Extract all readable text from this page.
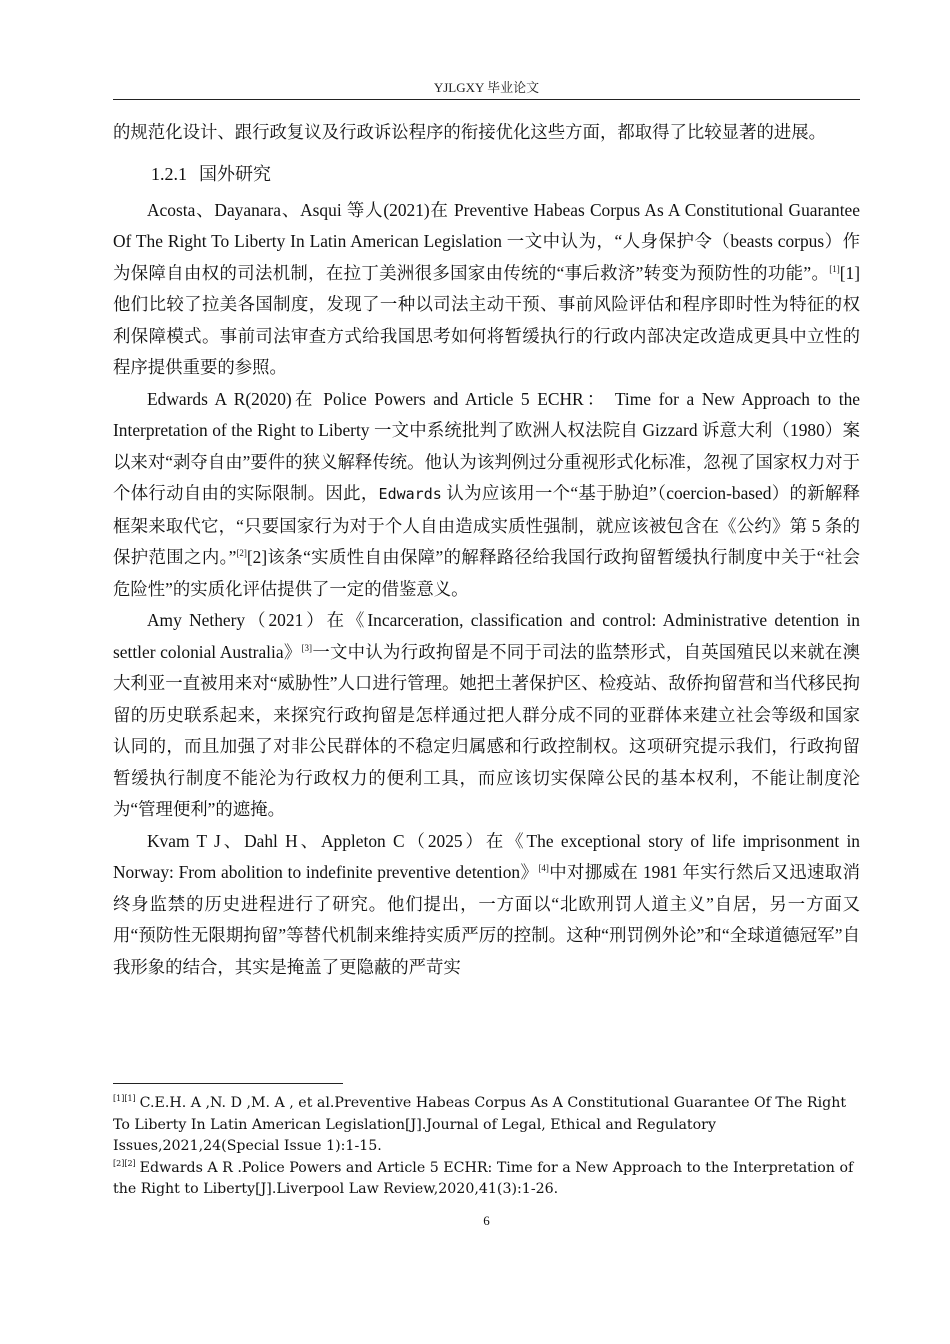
YJLGXY 毕业论文

的规范化设计、跟行政复议及行政诉讼程序的衔接优化这些方面，都取得了比较显著的进展。

1.2.1 国外研究

Acosta、Dayanara、Asqui 等人(2021)在 Preventive Habeas Corpus As A Constitutional Guarantee Of The Right To Liberty In Latin American Legislation 一文中认为，“人身保护令（beasts corpus）作为保障自由权的司法机制，在拉丁美洲很多国家由传统的“事后救济”转变为预防性的功能”。[1][1]他们比较了拉美各国制度，发现了一种以司法主动干预、事前风险评估和程序即时性为特征的权利保障模式。事前司法审查方式给我国思考如何将暂缓执行的行政内部决定改造成更具中立性的程序提供重要的参照。

Edwards A R(2020)在 Police Powers and Article 5 ECHR： Time for a New Approach to the Interpretation of the Right to Liberty 一文中系统批判了欧洲人权法院自 Gizzard 诉意大利（1980）案以来对“剥夺自由”要件的狭义解释传统。他认为该判例过分重视形式化标准，忽视了国家权力对于个体行动自由的实际限制。因此，Edwards 认为应该用一个“基于胁迫”（coercion-based）的新解释框架来取代它，“只要国家行为对于个人自由造成实质性强制，就应该被包含在《公约》第 5 条的保护范围之内。”[2][2]该条“实质性自由保障”的解释路径给我国行政拘留暂缓执行制度中关于“社会危险性”的实质化评估提供了一定的借鉴意义。

Amy Nethery（2021）在《Incarceration, classification and control: Administrative detention in settler colonial Australia》[3]一文中认为行政拘留是不同于司法的监禁形式，自英国殖民以来就在澳大利亚一直被用来对“威胁性”人口进行管理。她把土著保护区、检疫站、敌侨拘留营和当代移民拘留的历史联系起来，来探究行政拘留是怎样通过把人群分成不同的亚群体来建立社会等级和国家认同的，而且加强了对非公民群体的不稳定归属感和行政控制权。这项研究提示我们，行政拘留暂缓执行制度不能沦为行政权力的便利工具，而应该切实保障公民的基本权利，不能让制度沦为“管理便利”的遮掩。

Kvam T J、Dahl H、Appleton C（2025）在《The exceptional story of life imprisonment in Norway: From abolition to indefinite preventive detention》[4]中对挪威在 1981 年实行然后又迅速取消终身监禁的历史进程进行了研究。他们提出，一方面以“北欧刑罚人道主义”自居，另一方面又用“预防性无限期拘留”等替代机制来维持实质严厉的控制。这种“刑罚例外论”和“全球道德冠军”自我形象的结合，其实是掩盖了更隐蔽的严苛实

[1][1] C.E.H. A ,N. D ,M. A , et al.Preventive Habeas Corpus As A Constitutional Guarantee Of The Right To Liberty In Latin American Legislation[J].Journal of Legal, Ethical and Regulatory Issues,2021,24(Special Issue 1):1-15.

[2][2] Edwards A R .Police Powers and Article 5 ECHR: Time for a New Approach to the Interpretation of the Right to Liberty[J].Liverpool Law Review,2020,41(3):1-26.

6
